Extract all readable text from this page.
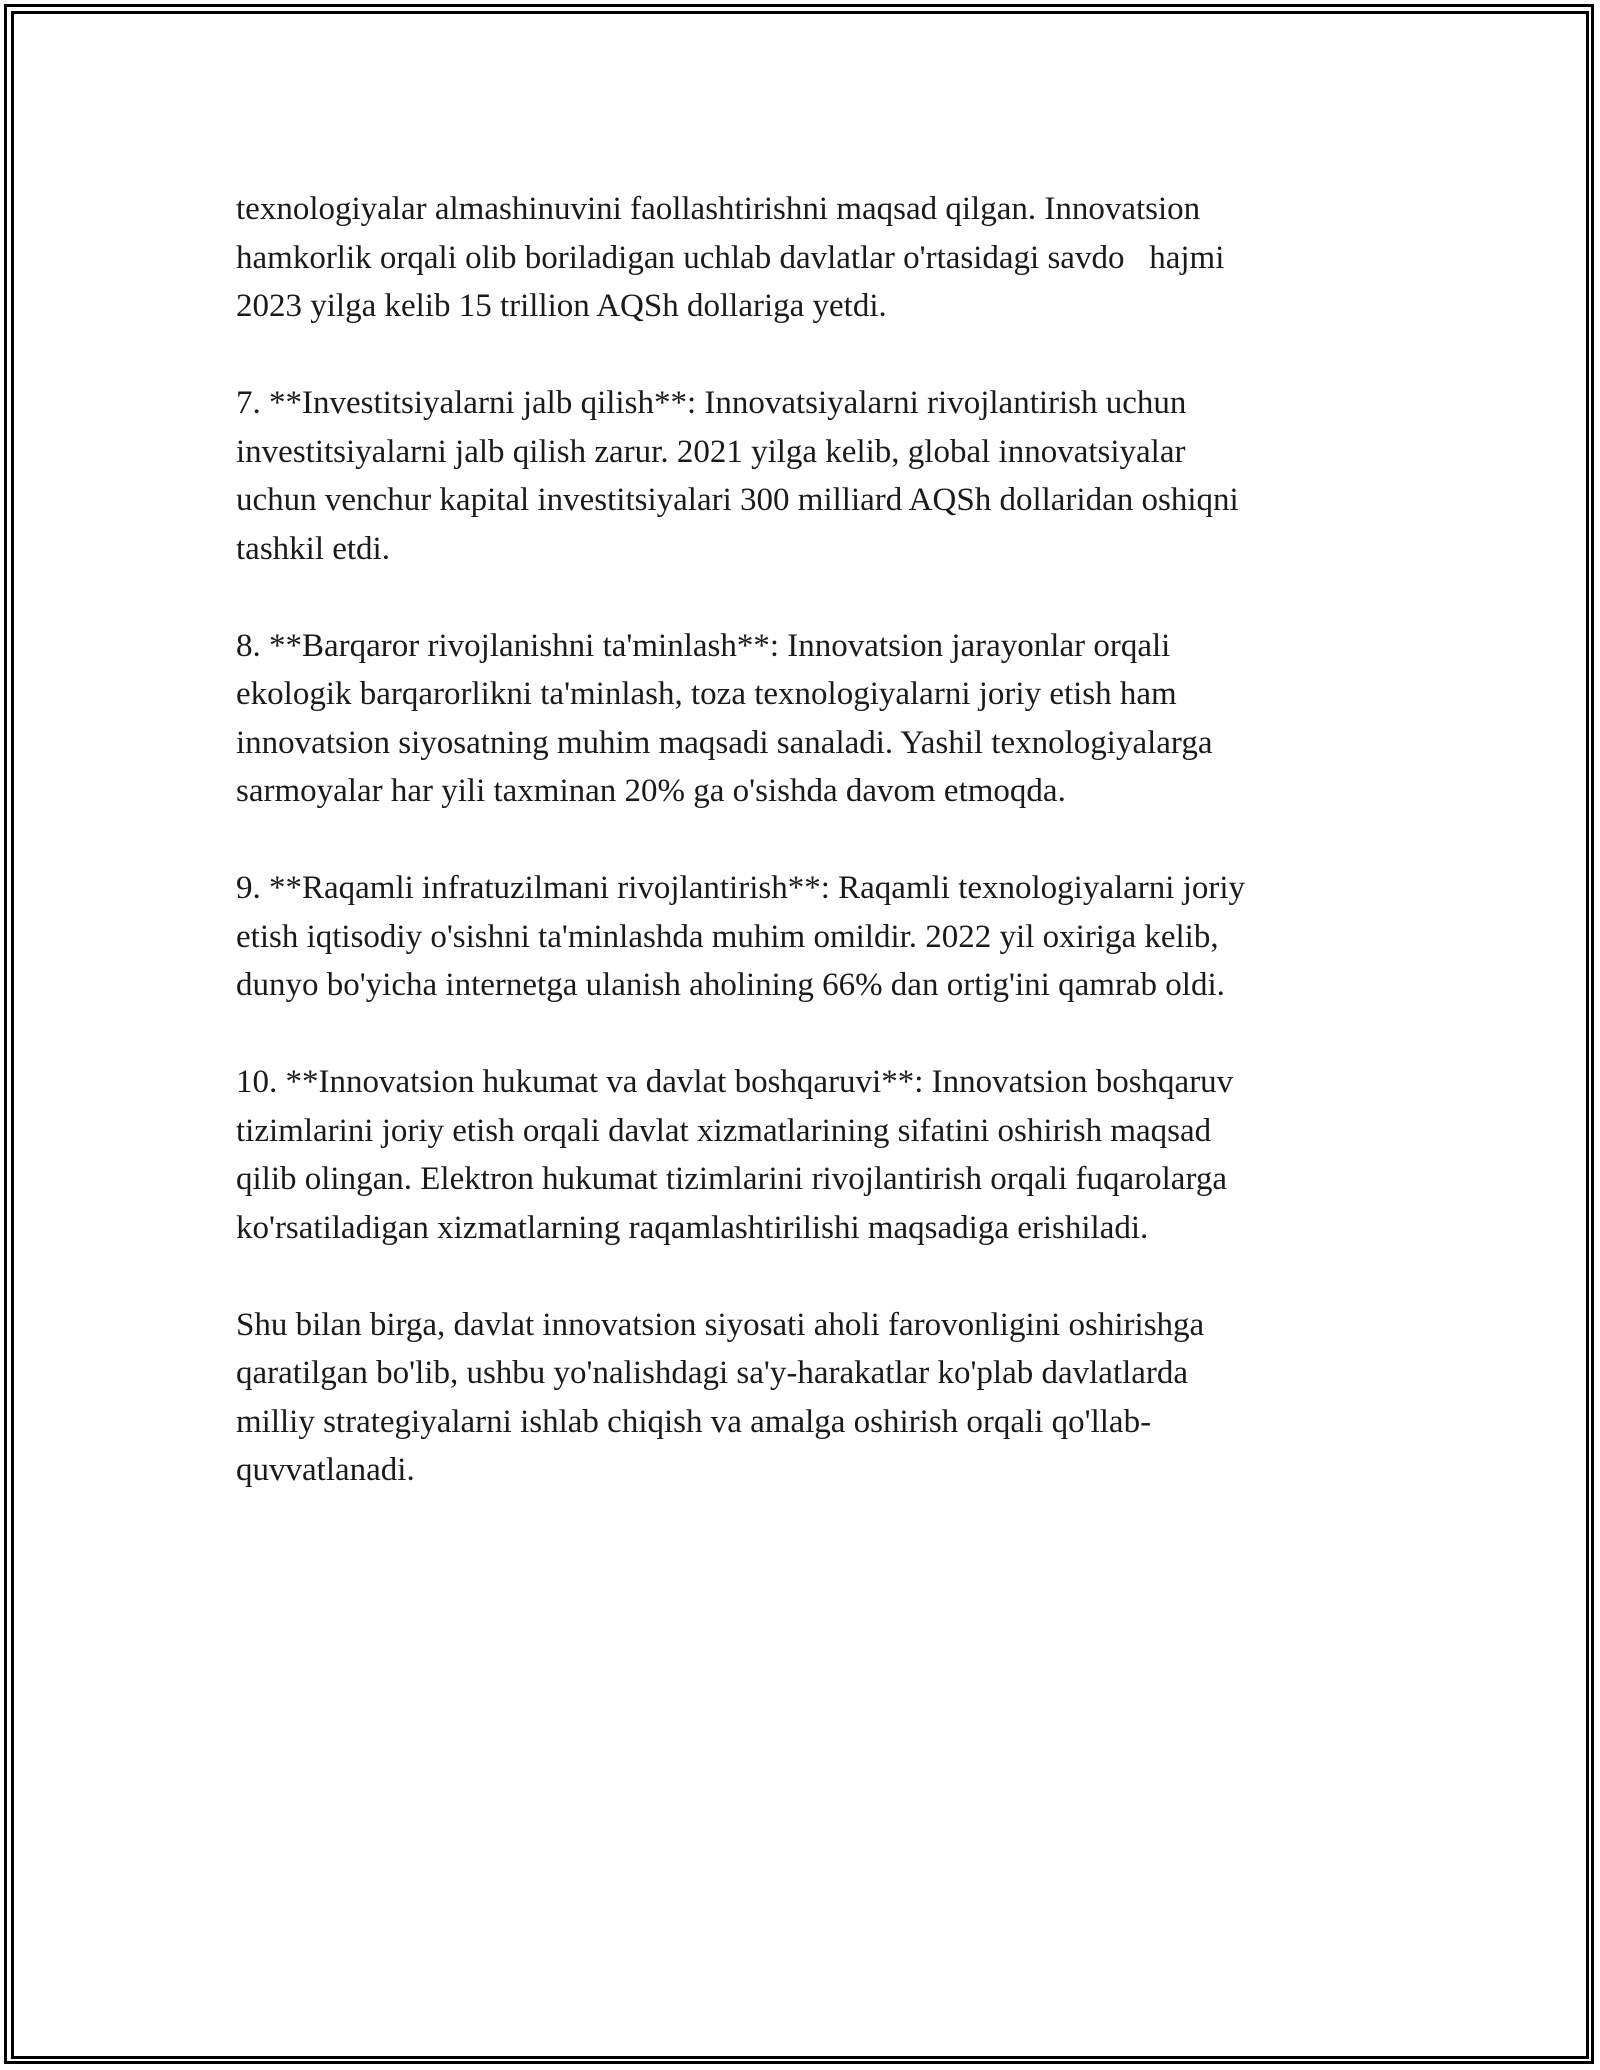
texnologiyalar almashinuvini faollashtirishni maqsad qilgan. Innovatsion
hamkorlik orqali olib boriladigan uchlab davlatlar o'rtasidagi savdo   hajmi
2023 yilga kelib 15 trillion AQSh dollariga yetdi.

7. **Investitsiyalarni jalb qilish**: Innovatsiyalarni rivojlantirish uchun
investitsiyalarni jalb qilish zarur. 2021 yilga kelib, global innovatsiyalar
uchun venchur kapital investitsiyalari 300 milliard AQSh dollaridan oshiqni
tashkil etdi.

8. **Barqaror rivojlanishni ta'minlash**: Innovatsion jarayonlar orqali
ekologik barqarorlikni ta'minlash, toza texnologiyalarni joriy etish ham
innovatsion siyosatning muhim maqsadi sanaladi. Yashil texnologiyalarga
sarmoyalar har yili taxminan 20% ga o'sishda davom etmoqda.

9. **Raqamli infratuzilmani rivojlantirish**: Raqamli texnologiyalarni joriy
etish iqtisodiy o'sishni ta'minlashda muhim omildir. 2022 yil oxiriga kelib,
dunyo bo'yicha internetga ulanish aholining 66% dan ortig'ini qamrab oldi.

10. **Innovatsion hukumat va davlat boshqaruvi**: Innovatsion boshqaruv
tizimlarini joriy etish orqali davlat xizmatlarining sifatini oshirish maqsad
qilib olingan. Elektron hukumat tizimlarini rivojlantirish orqali fuqarolarga
ko'rsatiladigan xizmatlarning raqamlashtirilishi maqsadiga erishiladi.

Shu bilan birga, davlat innovatsion siyosati aholi farovonligini oshirishga
qaratilgan bo'lib, ushbu yo'nalishdagi sa'y-harakatlar ko'plab davlatlarda
milliy strategiyalarni ishlab chiqish va amalga oshirish orqali qo'llab-
quvvatlanadi.
